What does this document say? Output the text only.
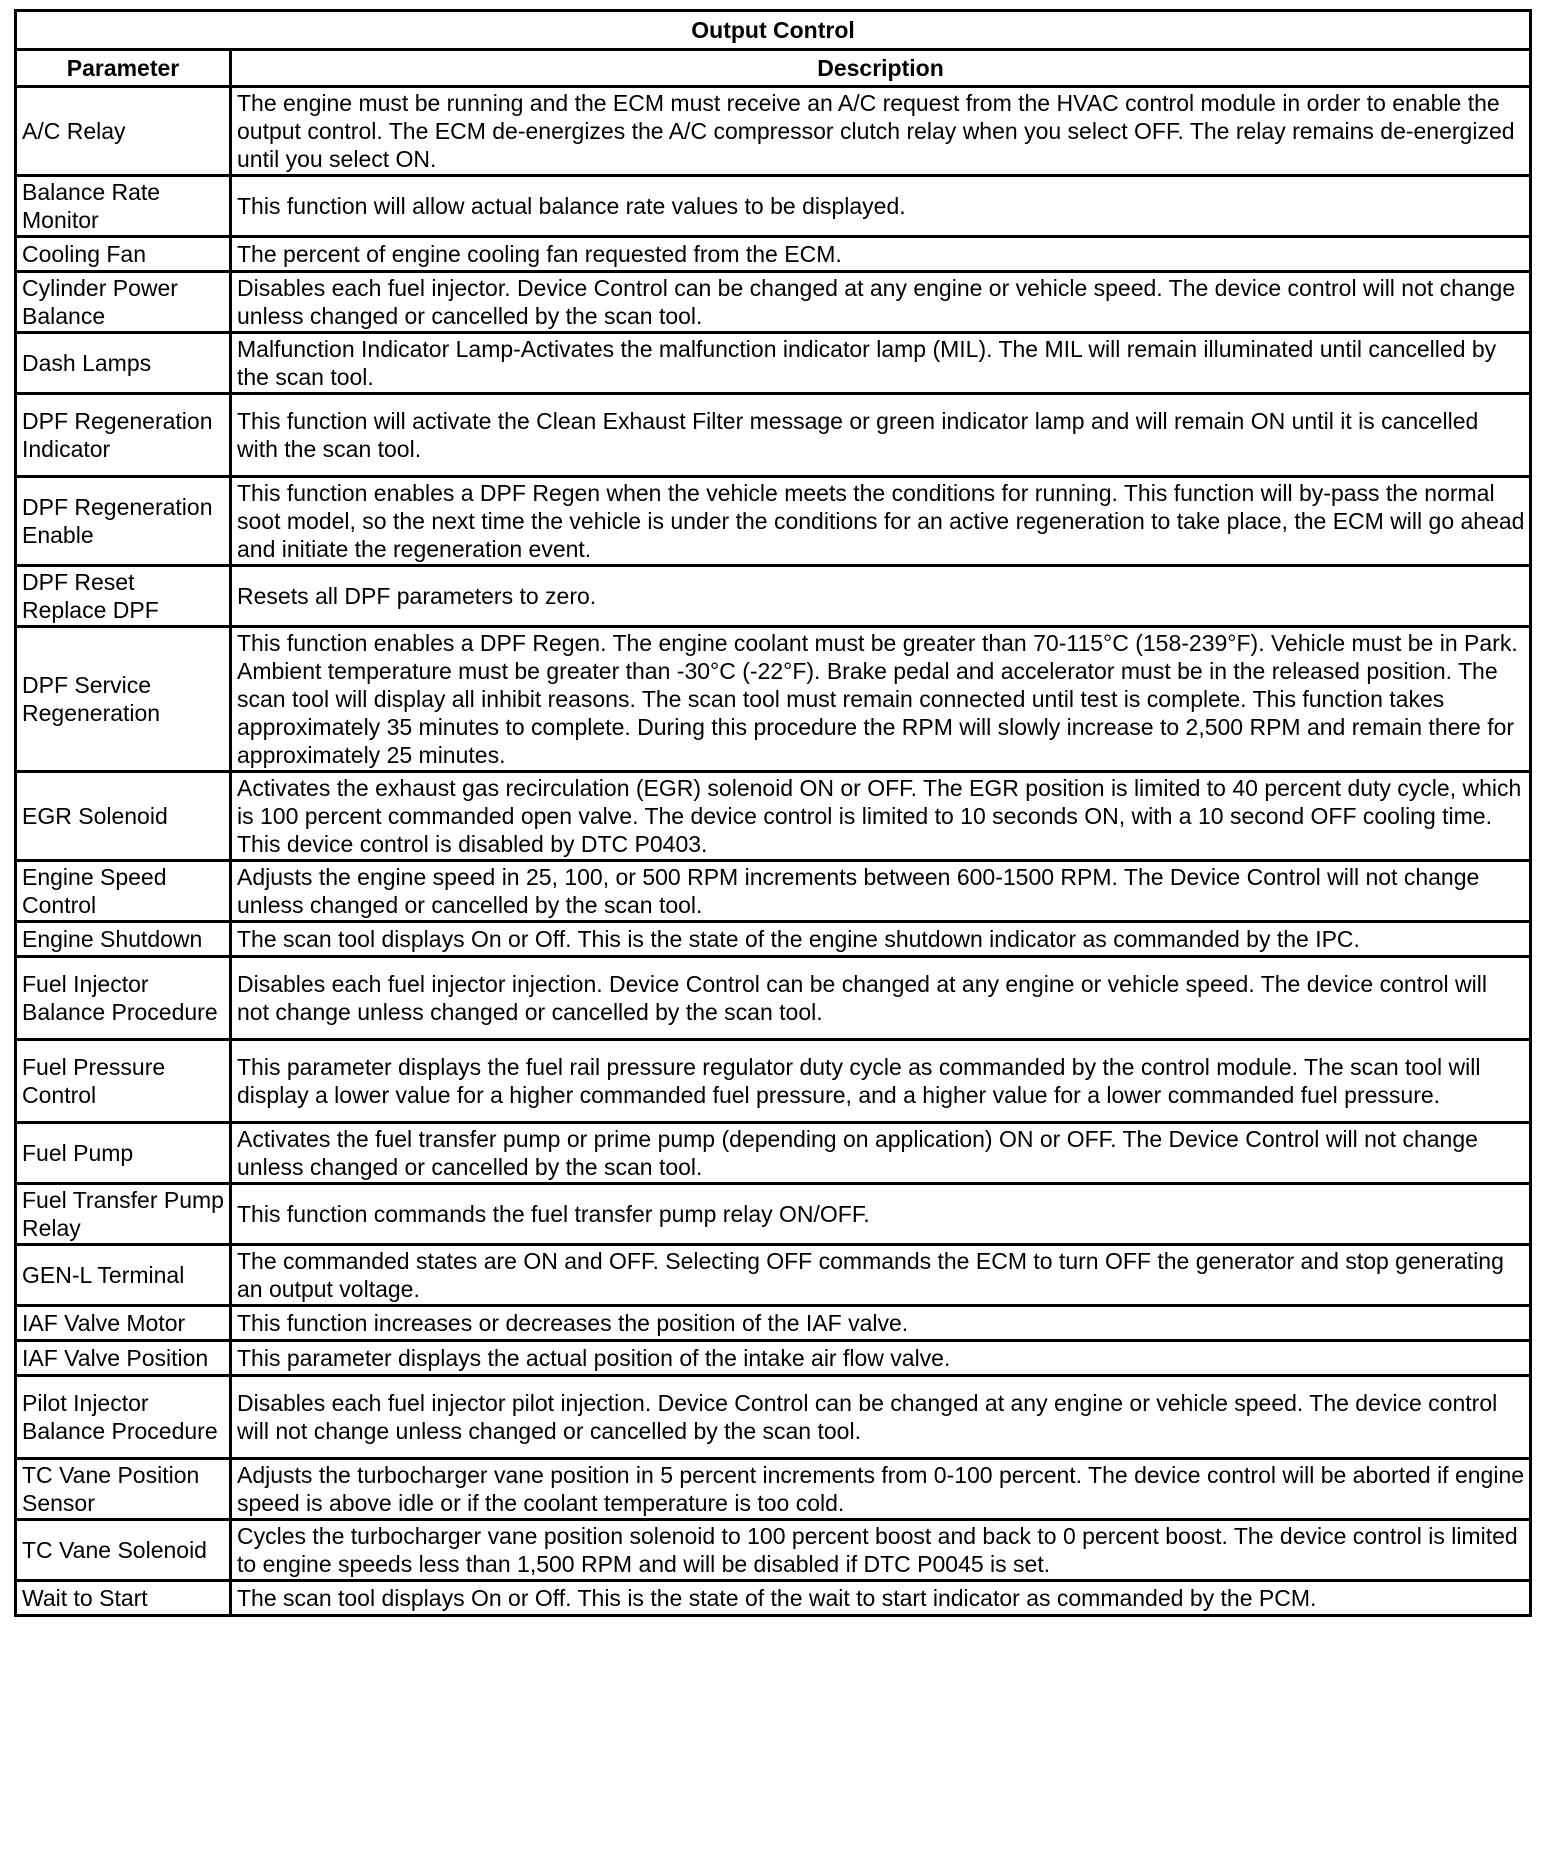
Output Control	
Parameter	Description
A/C Relay	The engine must be running and the ECM must receive an A/C request from the HVAC control module in order to enable the output control. The ECM de-energizes the A/C compressor clutch relay when you select OFF. The relay remains de-energized until you select ON.
Balance Rate Monitor	This function will allow actual balance rate values to be displayed.
Cooling Fan	The percent of engine cooling fan requested from the ECM.
Cylinder Power Balance	Disables each fuel injector. Device Control can be changed at any engine or vehicle speed. The device control will not change unless changed or cancelled by the scan tool.
Dash Lamps	Malfunction Indicator Lamp-Activates the malfunction indicator lamp (MIL). The MIL will remain illuminated until cancelled by the scan tool.
DPF Regeneration Indicator	This function will activate the Clean Exhaust Filter message or green indicator lamp and will remain ON until it is cancelled with the scan tool.
DPF Regeneration Enable	This function enables a DPF Regen when the vehicle meets the conditions for running. This function will by-pass the normal soot model, so the next time the vehicle is under the conditions for an active regeneration to take place, the ECM will go ahead and initiate the regeneration event.
DPF Reset Replace DPF	Resets all DPF parameters to zero.
DPF Service Regeneration	This function enables a DPF Regen. The engine coolant must be greater than 70-115°C (158-239°F). Vehicle must be in Park. Ambient temperature must be greater than -30°C (-22°F). Brake pedal and accelerator must be in the released position. The scan tool will display all inhibit reasons. The scan tool must remain connected until test is complete. This function takes approximately 35 minutes to complete. During this procedure the RPM will slowly increase to 2,500 RPM and remain there for approximately 25 minutes.
EGR Solenoid	Activates the exhaust gas recirculation (EGR) solenoid ON or OFF. The EGR position is limited to 40 percent duty cycle, which is 100 percent commanded open valve. The device control is limited to 10 seconds ON, with a 10 second OFF cooling time. This device control is disabled by DTC P0403.
Engine Speed Control	Adjusts the engine speed in 25, 100, or 500 RPM increments between 600-1500 RPM. The Device Control will not change unless changed or cancelled by the scan tool.
Engine Shutdown	The scan tool displays On or Off. This is the state of the engine shutdown indicator as commanded by the IPC.
Fuel Injector Balance Procedure	Disables each fuel injector injection. Device Control can be changed at any engine or vehicle speed. The device control will not change unless changed or cancelled by the scan tool.
Fuel Pressure Control	This parameter displays the fuel rail pressure regulator duty cycle as commanded by the control module. The scan tool will display a lower value for a higher commanded fuel pressure, and a higher value for a lower commanded fuel pressure.
Fuel Pump	Activates the fuel transfer pump or prime pump (depending on application) ON or OFF. The Device Control will not change unless changed or cancelled by the scan tool.
Fuel Transfer Pump Relay	This function commands the fuel transfer pump relay ON/OFF.
GEN-L Terminal	The commanded states are ON and OFF. Selecting OFF commands the ECM to turn OFF the generator and stop generating an output voltage.
IAF Valve Motor	This function increases or decreases the position of the IAF valve.
IAF Valve Position	This parameter displays the actual position of the intake air flow valve.
Pilot Injector Balance Procedure	Disables each fuel injector pilot injection. Device Control can be changed at any engine or vehicle speed. The device control will not change unless changed or cancelled by the scan tool.
TC Vane Position Sensor	Adjusts the turbocharger vane position in 5 percent increments from 0-100 percent. The device control will be aborted if engine speed is above idle or if the coolant temperature is too cold.
TC Vane Solenoid	Cycles the turbocharger vane position solenoid to 100 percent boost and back to 0 percent boost. The device control is limited to engine speeds less than 1,500 RPM and will be disabled if DTC P0045 is set.
Wait to Start	The scan tool displays On or Off. This is the state of the wait to start indicator as commanded by the PCM.
